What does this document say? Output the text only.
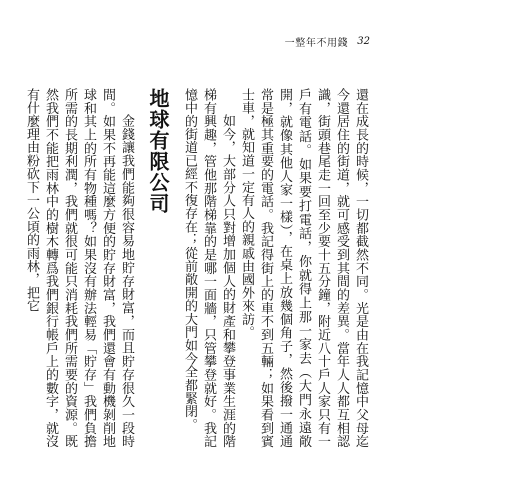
一整年不用錢 32

還在成長的時候，一切都截然不同。光是由在我記憶中父母迄今還居住的街道，就可感受到其間的差異。當年人人都互相認識，街頭巷尾走一回至少要十五分鐘，附近八十戶人家只有一戶有電話。如果要打電話，你就得上那一家去（大門永遠敞開，就像其他人家一樣），在桌上放幾個角子，然後撥一通通常是極其重要的電話。我記得街上的車不到五輛；如果看到賓士車，就知道一定有人的親戚由國外來訪。

如今，大部分人只對增加個人的財產和攀登事業生涯的階梯有興趣，管他那階梯靠的是哪一面牆，只管攀登就好。我記憶中的街道已經不復存在；從前敞開的大門如今全都緊閉。

地球有限公司

金錢讓我們能夠很容易地貯存財富，而且貯存很久一段時間。如果不再能這麼方便的貯存財富，我們還會有動機剝削地球和其上的所有物種嗎？如果沒有辦法輕易「貯存」我們負擔所需的長期利潤，我們就很可能只消耗我們所需要的資源。既然我們不能把雨林中的樹木轉爲我們銀行帳戶上的數字，就沒有什麼理由粉砍下一公頃的雨林，把它
